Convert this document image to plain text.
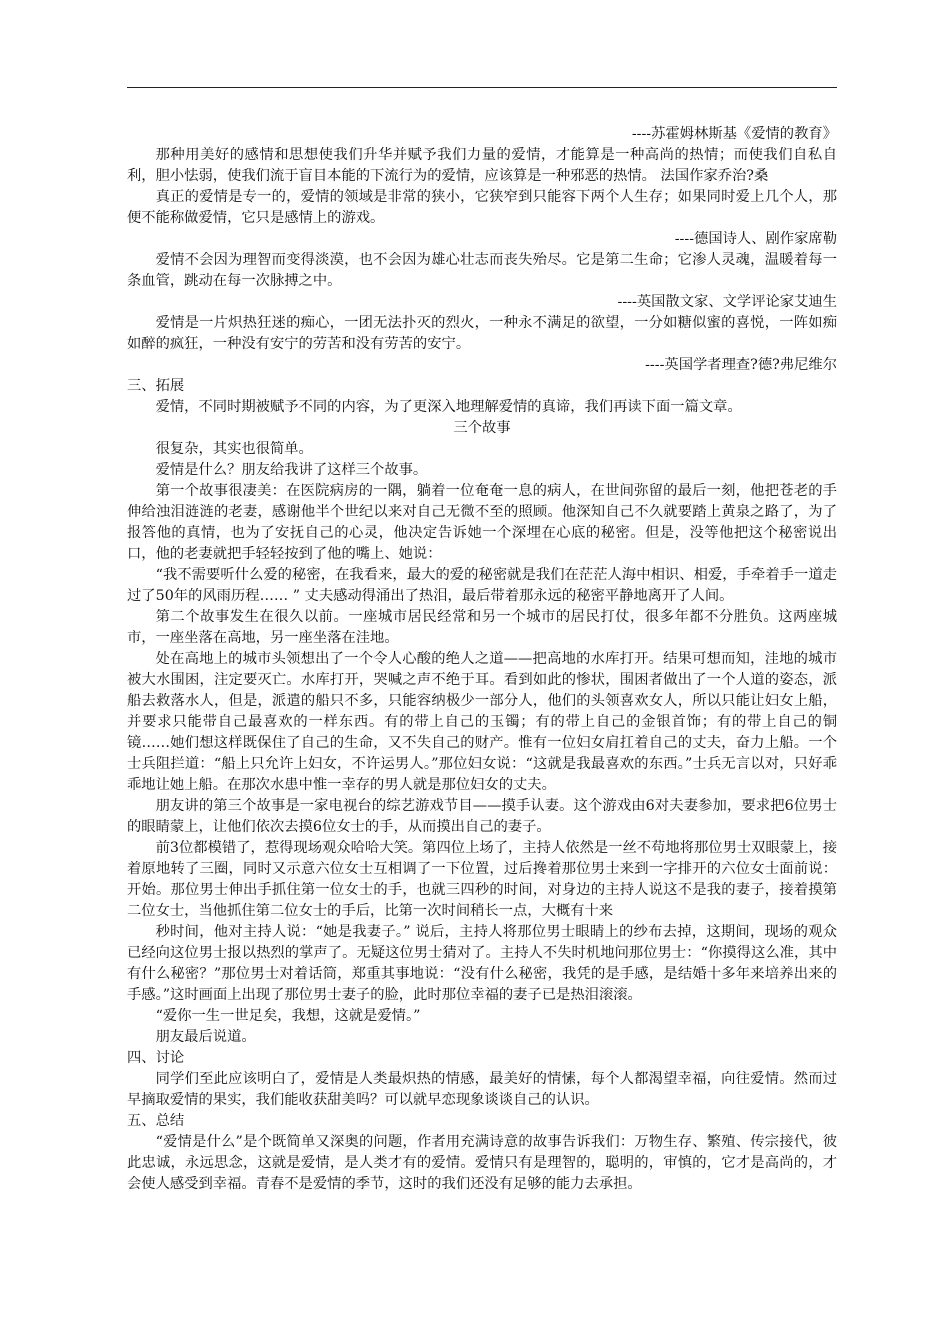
----苏霍姆林斯基《爱情的教育》

那种用美好的感情和思想使我们升华并赋予我们力量的爱情，才能算是一种高尚的热情；而使我们自私自利，胆小怯弱，使我们流于盲目本能的下流行为的爱情，应该算是一种邪恶的热情。 法国作家乔治?桑

真正的爱情是专一的，爱情的领域是非常的狭小，它狭窄到只能容下两个人生存；如果同时爱上几个人，那便不能称做爱情，它只是感情上的游戏。

----德国诗人、剧作家席勒

爱情不会因为理智而变得淡漠，也不会因为雄心壮志而丧失殆尽。它是第二生命；它渗人灵魂，温暖着每一条血管，跳动在每一次脉搏之中。

----英国散文家、文学评论家艾迪生

爱情是一片炽热狂迷的痴心，一团无法扑灭的烈火，一种永不满足的欲望，一分如糖似蜜的喜悦，一阵如痴如醉的疯狂，一种没有安宁的劳苦和没有劳苦的安宁。

----英国学者理查?德?弗尼维尔

三、拓展

爱情，不同时期被赋予不同的内容，为了更深入地理解爱情的真谛，我们再读下面一篇文章。

三个故事

很复杂，其实也很简单。

爱情是什么？朋友给我讲了这样三个故事。

第一个故事很凄美：在医院病房的一隅，躺着一位奄奄一息的病人，在世间弥留的最后一刻，他把苍老的手伸给浊泪涟涟的老妻，感谢他半个世纪以来对自己无微不至的照顾。他深知自己不久就要踏上黄泉之路了，为了报答他的真情，也为了安抚自己的心灵，他决定告诉她一个深埋在心底的秘密。但是，没等他把这个秘密说出口，他的老妻就把手轻轻按到了他的嘴上、她说：

“我不需要听什么爱的秘密，在我看来，最大的爱的秘密就是我们在茫茫人海中相识、相爱，手牵着手一道走过了50年的风雨历程…… ” 丈夫感动得涌出了热泪，最后带着那永远的秘密平静地离开了人间。

第二个故事发生在很久以前。一座城市居民经常和另一个城市的居民打仗，很多年都不分胜负。这两座城市，一座坐落在高地，另一座坐落在洼地。

处在高地上的城市头领想出了一个令人心酸的绝人之道——把高地的水库打开。结果可想而知，洼地的城市被大水围困，注定要灭亡。水库打开，哭喊之声不绝于耳。看到如此的惨状，围困者做出了一个人道的姿态，派船去救落水人，但是，派遣的船只不多，只能容纳极少一部分人，他们的头领喜欢女人，所以只能让妇女上船，并要求只能带自己最喜欢的一样东西。有的带上自己的玉镯；有的带上自己的金银首饰；有的带上自己的铜镜……她们想这样既保住了自己的生命，又不失自己的财产。惟有一位妇女肩扛着自己的丈夫，奋力上船。一个士兵阻拦道：“船上只允许上妇女，不许运男人。”那位妇女说：“这就是我最喜欢的东西。”士兵无言以对，只好乖乖地让她上船。在那次水患中惟一幸存的男人就是那位妇女的丈夫。

朋友讲的第三个故事是一家电视台的综艺游戏节目——摸手认妻。这个游戏由6对夫妻参加，要求把6位男士的眼睛蒙上，让他们依次去摸6位女士的手，从而摸出自己的妻子。

前3位都模错了，惹得现场观众哈哈大笑。第四位上场了，主持人依然是一丝不苟地将那位男士双眼蒙上，接着原地转了三圈，同时又示意六位女士互相调了一下位置，过后搀着那位男士来到一字排开的六位女士面前说：开始。那位男士伸出手抓住第一位女士的手，也就三四秒的时间，对身边的主持人说这不是我的妻子，接着摸第二位女士，当他抓住第二位女士的手后，比第一次时间稍长一点，大概有十来

秒时间，他对主持人说：“她是我妻子。” 说后，主持人将那位男士眼睛上的纱布去掉，这期间，现场的观众已经向这位男士报以热烈的掌声了。无疑这位男士猜对了。主持人不失时机地问那位男士：“你摸得这么准，其中有什么秘密？”那位男士对着话筒，郑重其事地说：“没有什么秘密，我凭的是手感，是结婚十多年来培养出来的手感。”这时画面上出现了那位男士妻子的脸，此时那位幸福的妻子已是热泪滚滚。

“爱你一生一世足矣，我想，这就是爱情。”

朋友最后说道。

四、讨论

同学们至此应该明白了，爱情是人类最炽热的情感，最美好的情愫，每个人都渴望幸福，向往爱情。然而过早摘取爱情的果实，我们能收获甜美吗？可以就早恋现象谈谈自己的认识。

五、总结

“爱情是什么”是个既简单又深奥的问题，作者用充满诗意的故事告诉我们：万物生存、繁殖、传宗接代，彼此忠诚，永远思念，这就是爱情，是人类才有的爱情。爱情只有是理智的，聪明的，审慎的，它才是高尚的，才会使人感受到幸福。青春不是爱情的季节，这时的我们还没有足够的能力去承担。
